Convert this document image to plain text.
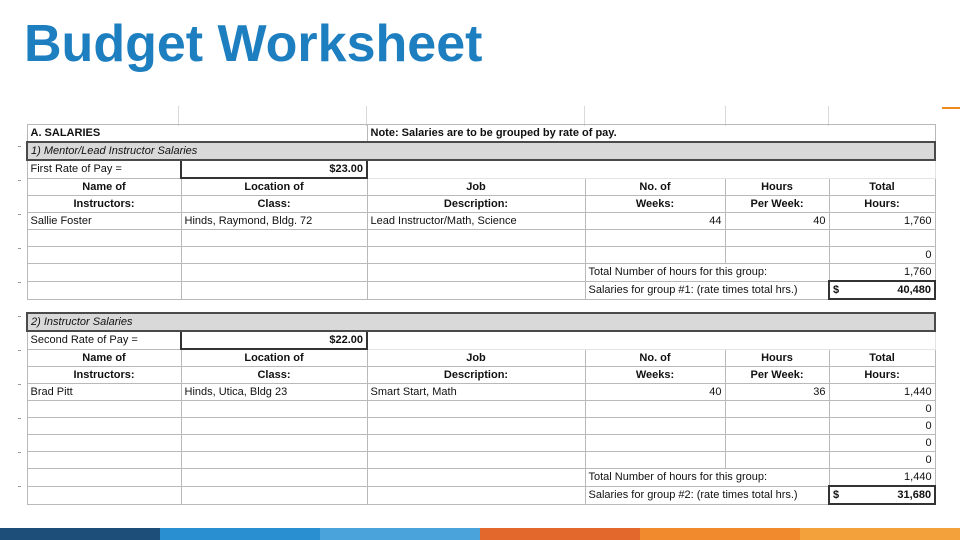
Budget Worksheet
A. SALARIES		Note: Salaries are to be grouped by rate of pay.			
1) Mentor/Lead Instructor Salaries					
First Rate of Pay =	$23.00				
Name of	Location of	Job	No. of	Hours	Total
Instructors:	Class:	Description:	Weeks:	Per Week:	Hours:
Sallie Foster	Hinds, Raymond, Bldg. 72	Lead Instructor/Math, Science	44	40	1,760

					0
			Total Number of hours for this group:		1,760
			Salaries for group #1: (rate times total hrs.)		$ 40,480
2) Instructor Salaries					
Second Rate of Pay =	$22.00				
Name of	Location of	Job	No. of	Hours	Total
Instructors:	Class:	Description:	Weeks:	Per Week:	Hours:
Brad Pitt	Hinds, Utica, Bldg 23	Smart Start, Math	40	36	1,440
					0
					0
					0
					0
			Total Number of hours for this group:		1,440
			Salaries for group #2: (rate times total hrs.)		$ 31,680
